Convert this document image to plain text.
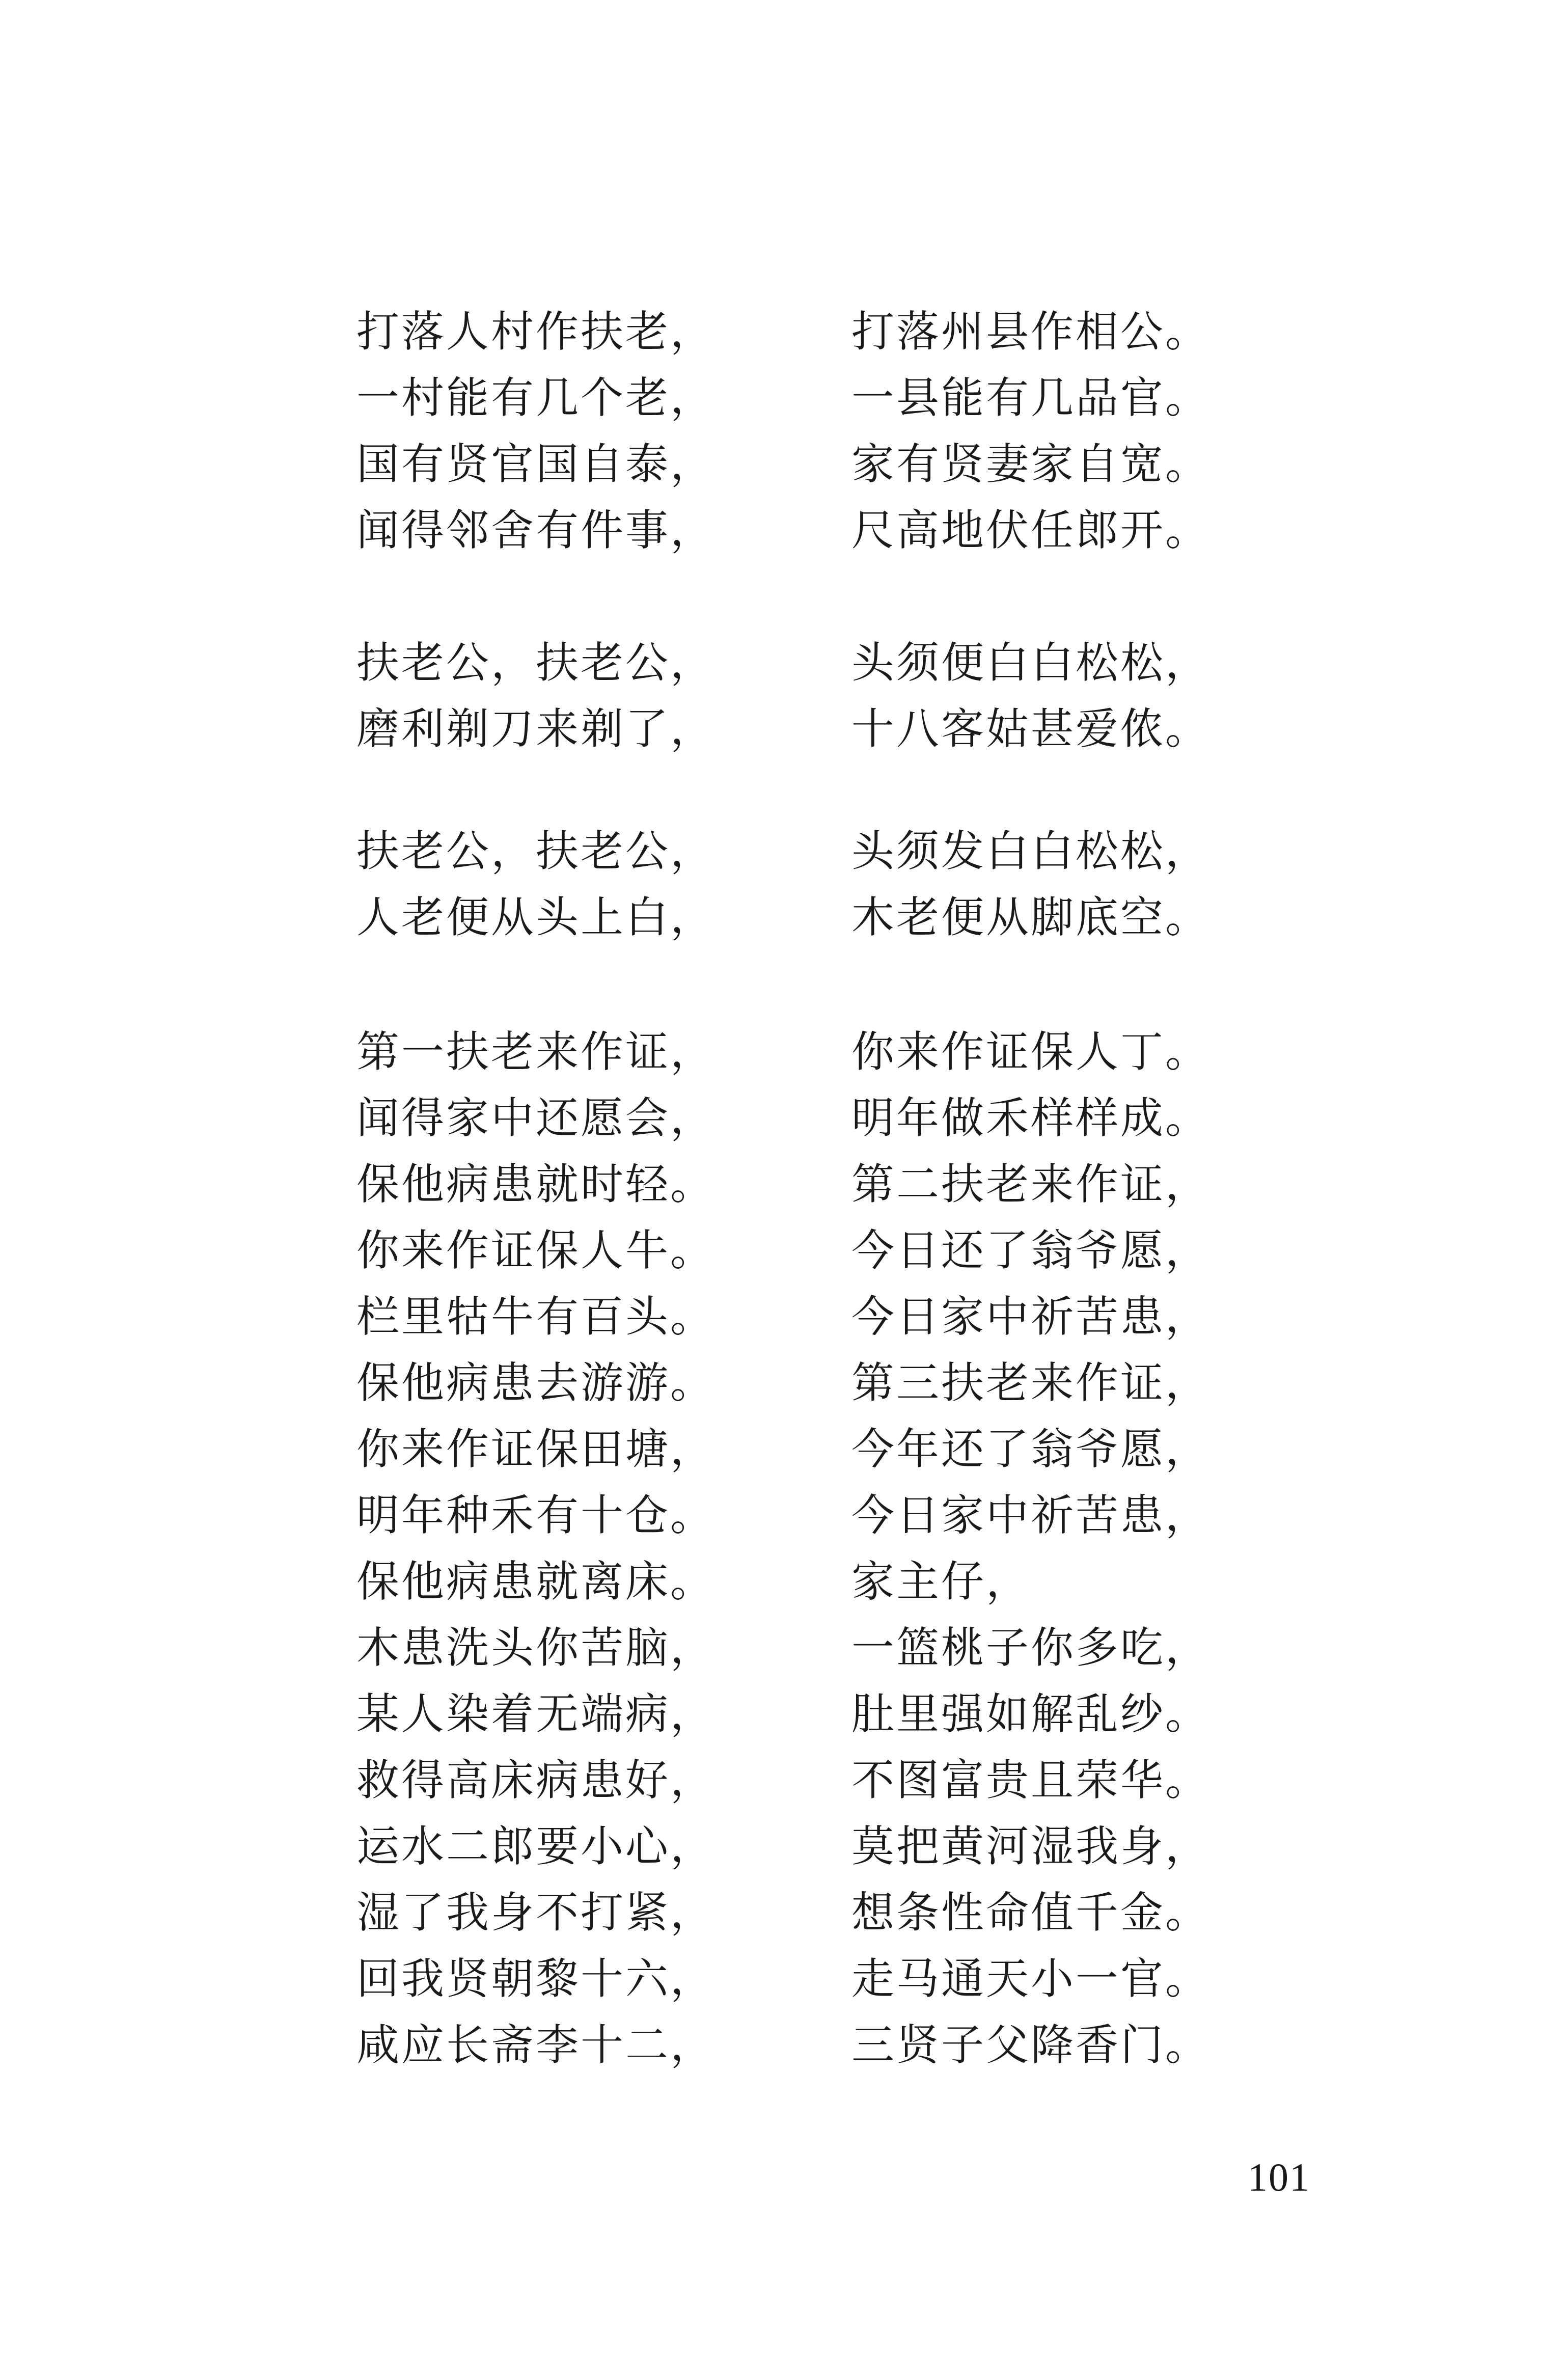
打落人村作扶老，	打落州县作相公。
一村能有几个老，	一县能有几品官。
国有贤官国自泰，	家有贤妻家自宽。
闻得邻舍有件事，	尺高地伏任郎开。
扶老公，扶老公，	头须便白白松松，
磨利剃刀来剃了，	十八客姑甚爱侬。
扶老公，扶老公，	头须发白白松松，
人老便从头上白，	木老便从脚底空。
第一扶老来作证，	你来作证保人丁。
闻得家中还愿会，	明年做禾样样成。
保他病患就时轻。	第二扶老来作证，
你来作证保人牛。	今日还了翁爷愿，
栏里牯牛有百头。	今日家中祈苦患，
保他病患去游游。	第三扶老来作证，
你来作证保田塘，	今年还了翁爷愿，
明年种禾有十仓。	今日家中祈苦患，
保他病患就离床。	家主仔，
木患洗头你苦脑，	一篮桃子你多吃，
某人染着无端病，	肚里强如解乱纱。
救得高床病患好，	不图富贵且荣华。
运水二郎要小心，	莫把黄河湿我身，
湿了我身不打紧，	想条性命值千金。
回我贤朝黎十六，	走马通天小一官。
咸应长斋李十二，	三贤子父降香门。
101
